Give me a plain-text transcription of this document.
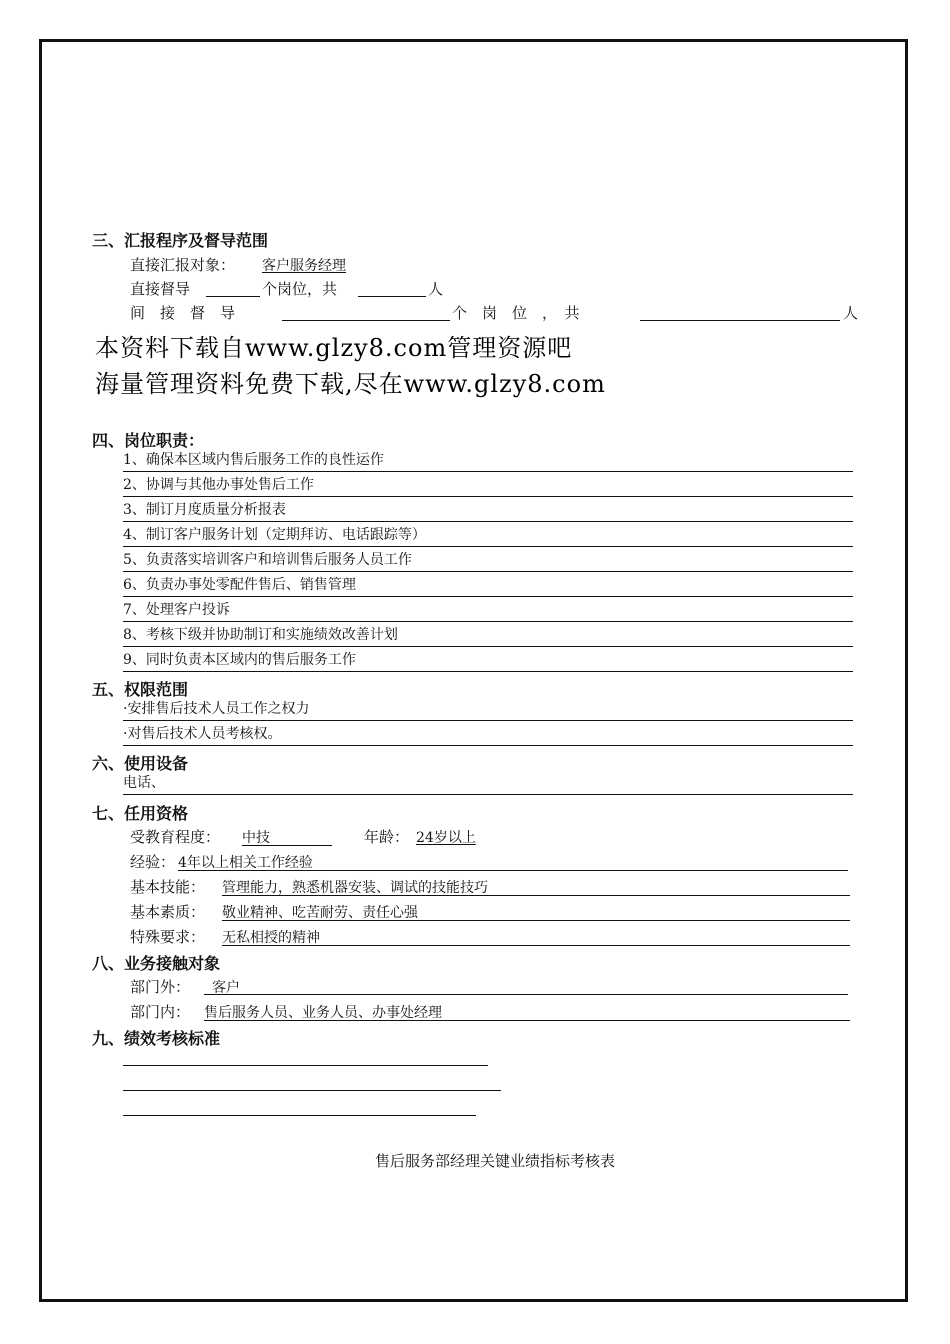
三、汇报程序及督导范围
直接汇报对象： 客户服务经理
直接督导	个岗位，共	人
间　接　督　导	个　岗　位　，　共	人
本资料下载自www.glzy8.com管理资源吧
海量管理资料免费下载,尽在www.glzy8.com
四、岗位职责：
1、确保本区域内售后服务工作的良性运作
2、协调与其他办事处售后工作
3、制订月度质量分析报表
4、制订客户服务计划（定期拜访、电话跟踪等）
5、负责落实培训客户和培训售后服务人员工作
6、负责办事处零配件售后、销售管理
7、处理客户投诉
8、考核下级并协助制订和实施绩效改善计划
9、同时负责本区域内的售后服务工作
五、权限范围
·安排售后技术人员工作之权力
·对售后技术人员考核权。
六、使用设备
电话、
七、任用资格
受教育程度： 中技	年龄： 24岁以上
经验： 4年以上相关工作经验
基本技能： 管理能力，熟悉机器安装、调试的技能技巧
基本素质： 敬业精神、吃苦耐劳、责任心强
特殊要求： 无私相授的精神
八、业务接触对象
部门外：	客户
部门内： 售后服务人员、业务人员、办事处经理
九、绩效考核标准
售后服务部经理关键业绩指标考核表
